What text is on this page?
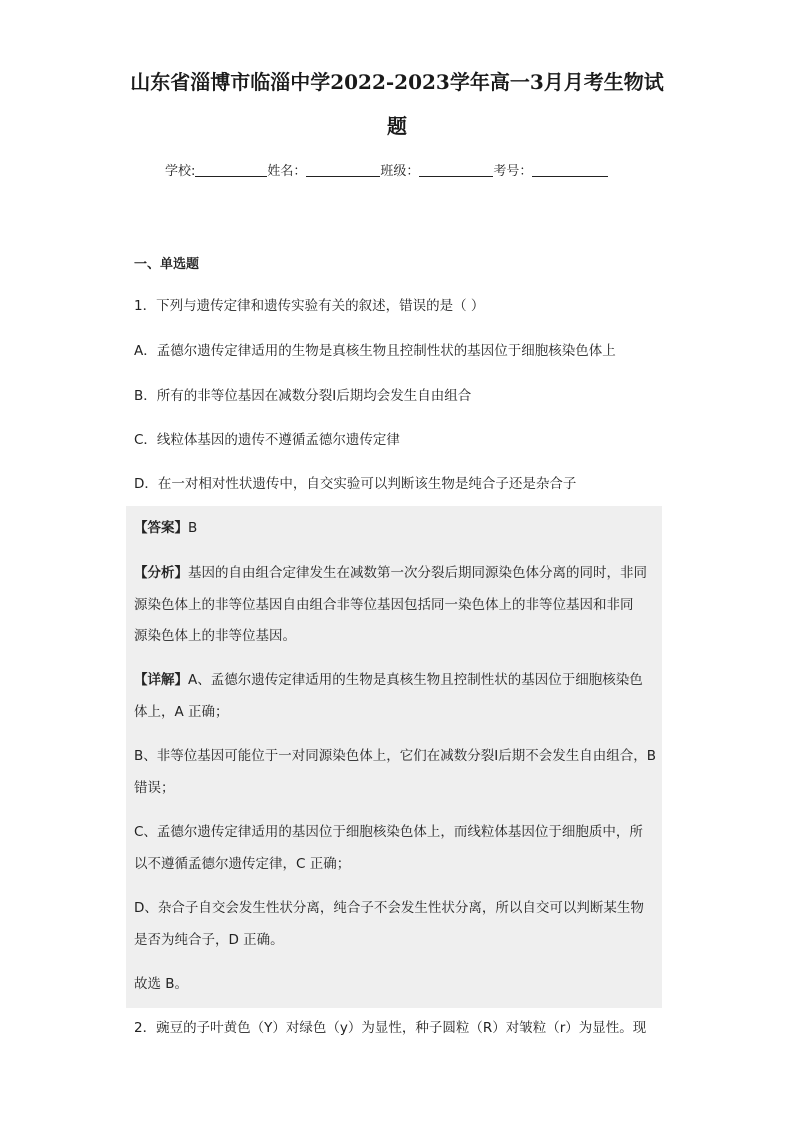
山东省淄博市临淄中学2022-2023学年高一3月月考生物试
题
学校:	姓名：	班级：	考号：
一、单选题
1．下列与遗传定律和遗传实验有关的叙述，错误的是（ ）
A．孟德尔遗传定律适用的生物是真核生物且控制性状的基因位于细胞核染色体上
B．所有的非等位基因在减数分裂Ⅰ后期均会发生自由组合
C．线粒体基因的遗传不遵循孟德尔遗传定律
D．在一对相对性状遗传中，自交实验可以判断该生物是纯合子还是杂合子
【答案】B
【分析】基因的自由组合定律发生在减数第一次分裂后期同源染色体分离的同时，非同
源染色体上的非等位基因自由组合非等位基因包括同一染色体上的非等位基因和非同
源染色体上的非等位基因。
【详解】A、孟德尔遗传定律适用的生物是真核生物且控制性状的基因位于细胞核染色
体上，A 正确；
B、非等位基因可能位于一对同源染色体上，它们在减数分裂Ⅰ后期不会发生自由组合，B
错误；
C、孟德尔遗传定律适用的基因位于细胞核染色体上，而线粒体基因位于细胞质中，所
以不遵循孟德尔遗传定律，C 正确；
D、杂合子自交会发生性状分离，纯合子不会发生性状分离，所以自交可以判断某生物
是否为纯合子，D 正确。
故选 B。
2．豌豆的子叶黄色（Y）对绿色（y）为显性，种子圆粒（R）对皱粒（r）为显性。现
